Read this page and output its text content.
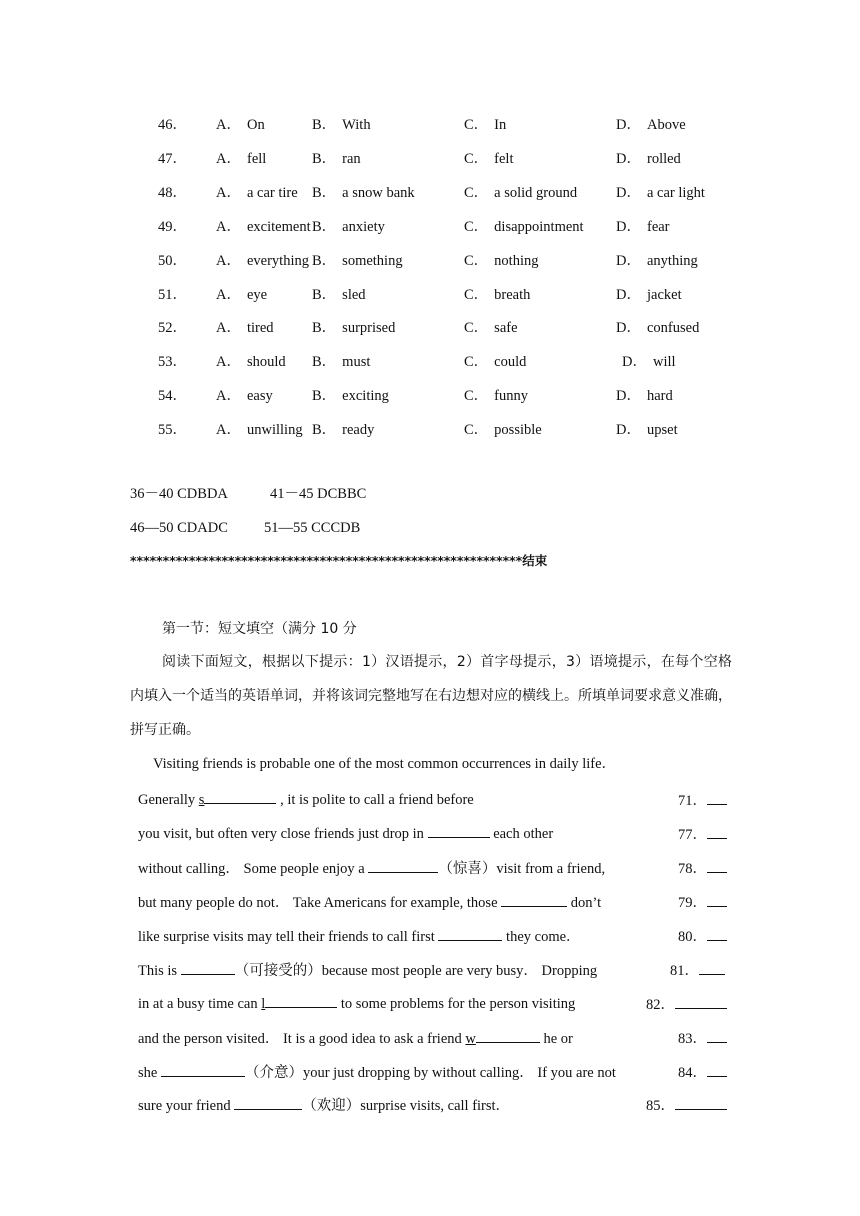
46． A． On	B． With	C． In	D． Above
47． A． fell	B． ran	C． felt	D． rolled
48． A． a car tire B． a snow bank	C． a solid ground	D． a car light
49． A． excitement B． anxiety	C． disappointment D． fear
50． A． everything B． something	C． nothing	D． anything
51． A． eye	B． sled	C． breath	D． jacket
52． A． tired	B． surprised	C． safe	D． confused
53． A． should B． must	C． could	D． will
54． A． easy	B． exciting	C． funny	D． hard
55． A． unwilling B． ready	C． possible	D． upset
36－40 CDBDA	41－45 DCBBC
46—50 CDADC 51—55 CCCDB
************************************************************结束
第一节：短文填空（满分 10 分
阅读下面短文，根据以下提示：1）汉语提示，2）首字母提示，3）语境提示，在每个空格内填入一个适当的英语单词，并将该词完整地写在右边想对应的横线上。所填单词要求意义准确，拼写正确。
Visiting friends is probable one of the most common occurrences in daily life．
Generally s	, it is polite to call a friend before	71．
you visit, but often very close friends just drop in	each other	77．
without calling． Some people enjoy a	（惊喜）visit from a friend,	78．
but many people do not． Take Americans for example, those	don’t	79．
like surprise visits may tell their friends to call first	they come．	80．
This is	（可接受的）because most people are very busy． Dropping	81．
in at a busy time can l	to some problems for the person visiting	82．
and the person visited． It is a good idea to ask a friend w	he or	83．
she	（介意）your just dropping by without calling． If you are not	84．
sure your friend	（欢迎）surprise visits, call first．	85．
